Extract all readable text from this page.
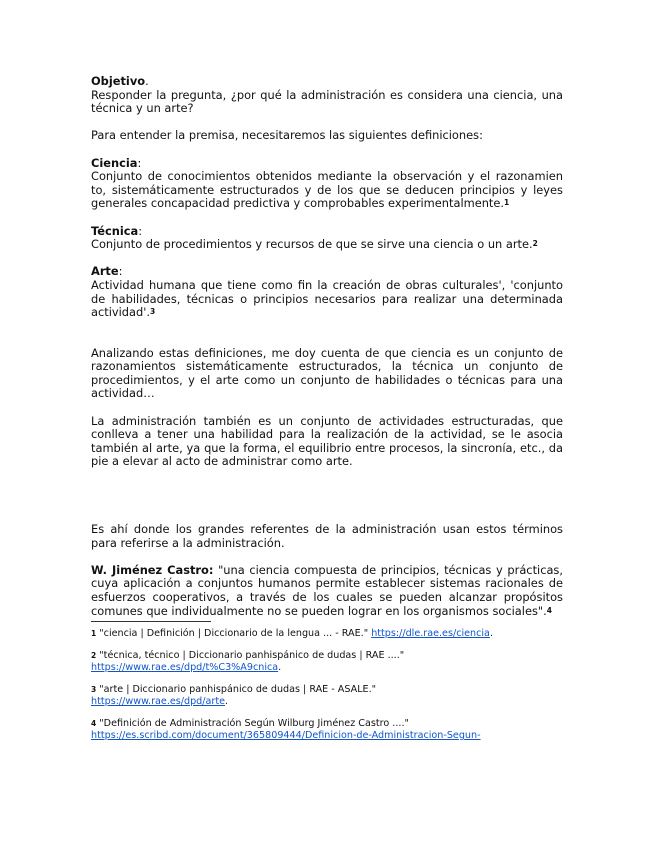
Objetivo.

Responder la pregunta, ¿por qué la administración es considera una ciencia, una técnica y un arte?

Para entender la premisa, necesitaremos las siguientes definiciones:

Ciencia:

Conjunto de conocimientos obtenidos mediante la observación y el razonamien to, sistemáticamente estructurados y de los que se deducen principios y leyes generales concapacidad predictiva y comprobables experimentalmente.$^1$

Técnica:

Conjunto de procedimientos y recursos de que se sirve una ciencia o un arte.$^2$

Arte:

Actividad humana que tiene como fin la creación de obras culturales', 'conjunto de habilidades, técnicas o principios necesarios para realizar una determinada actividad'.$^3$

Analizando estas definiciones, me doy cuenta de que ciencia es un conjunto de razonamientos sistemáticamente estructurados, la técnica un conjunto de procedimientos, y el arte como un conjunto de habilidades o técnicas para una actividad…

La administración también es un conjunto de actividades estructuradas, que conlleva a tener una habilidad para la realización de la actividad, se le asocia también al arte, ya que la forma, el equilibrio entre procesos, la sincronía, etc., da pie a elevar al acto de administrar como arte.

Es ahí donde los grandes referentes de la administración usan estos términos para referirse a la administración.

W. Jiménez Castro: "una ciencia compuesta de principios, técnicas y prácticas, cuya aplicación a conjuntos humanos permite establecer sistemas racionales de esfuerzos cooperativos, a través de los cuales se pueden alcanzar propósitos comunes que individualmente no se pueden lograr en los organismos sociales".$^4$

$^1$ "ciencia | Definición | Diccionario de la lengua ... - RAE." https://dle.rae.es/ciencia.

$^2$ "técnica, técnico | Diccionario panhispánico de dudas | RAE ...."
https://www.rae.es/dpd/t%C3%A9cnica.

$^3$ "arte | Diccionario panhispánico de dudas | RAE - ASALE."
https://www.rae.es/dpd/arte.

$^4$ "Definición de Administración Según Wilburg Jiménez Castro ...."
https://es.scribd.com/document/365809444/Definicion-de-Administracion-Segun-
